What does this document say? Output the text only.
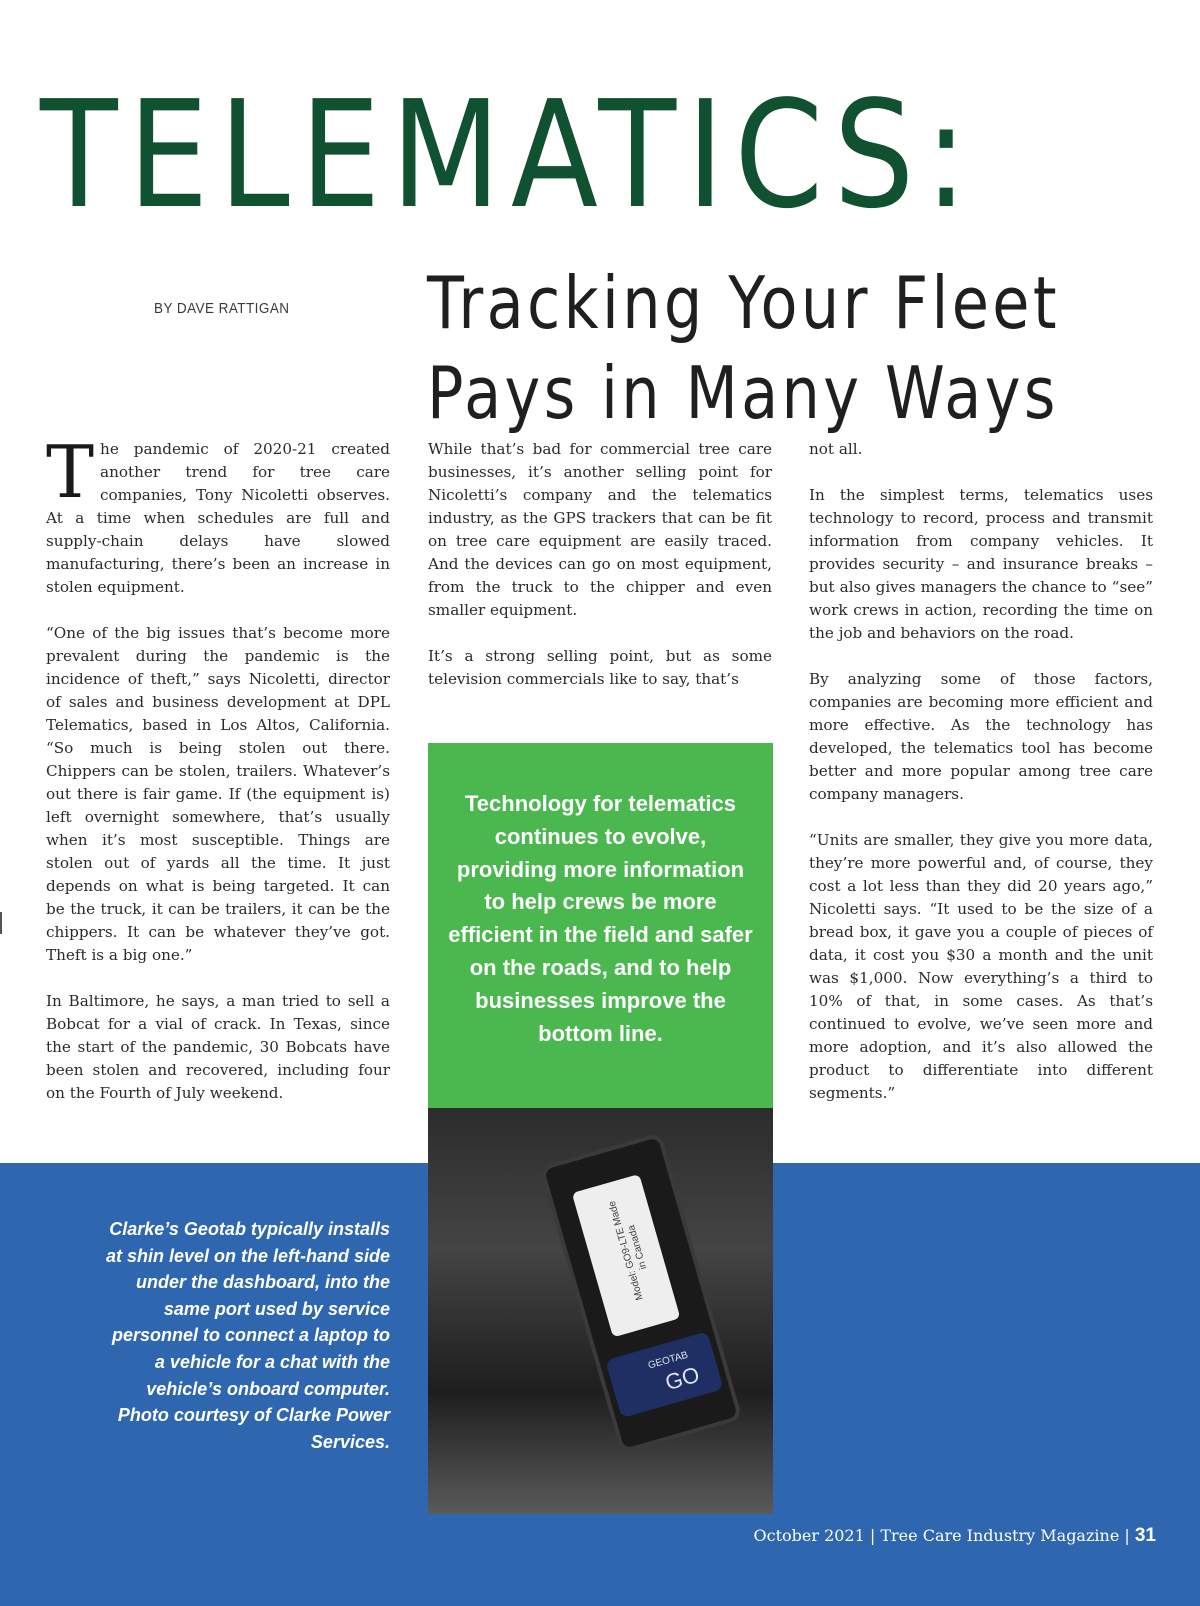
TELEMATICS:
BY DAVE RATTIGAN Tracking Your Fleet Pays in Many Ways

The pandemic of 2020-21 created another trend for tree care companies, Tony Nicoletti observes. At a time when schedules are full and supply-chain delays have slowed manufacturing, there’s been an increase in stolen equipment.

“One of the big issues that’s become more prevalent during the pandemic is the incidence of theft,” says Nicoletti, director of sales and business development at DPL Telematics, based in Los Altos, California. “So much is being stolen out there. Chippers can be stolen, trailers. Whatever’s out there is fair game. If (the equipment is) left overnight somewhere, that’s usually when it’s most susceptible. Things are stolen out of yards all the time. It just depends on what is being targeted. It can be the truck, it can be trailers, it can be the chippers. It can be whatever they’ve got. Theft is a big one.”

In Baltimore, he says, a man tried to sell a Bobcat for a vial of crack. In Texas, since the start of the pandemic, 30 Bobcats have been stolen and recovered, including four on the Fourth of July weekend.

While that’s bad for commercial tree care businesses, it’s another selling point for Nicoletti’s company and the telematics industry, as the GPS trackers that can be fit on tree care equipment are easily traced. And the devices can go on most equipment, from the truck to the chipper and even smaller equipment.

It’s a strong selling point, but as some television commercials like to say, that’s

not all.

In the simplest terms, telematics uses technology to record, process and transmit information from company vehicles. It provides security – and insurance breaks – but also gives managers the chance to “see” work crews in action, recording the time on the job and behaviors on the road.

By analyzing some of those factors, companies are becoming more efficient and more effective. As the technology has developed, the telematics tool has become better and more popular among tree care company managers.

“Units are smaller, they give you more data, they’re more powerful and, of course, they cost a lot less than they did 20 years ago,” Nicoletti says. “It used to be the size of a bread box, it gave you a couple of pieces of data, it cost you $30 a month and the unit was $1,000. Now everything’s a third to 10% of that, in some cases. As that’s continued to evolve, we’ve seen more and more adoption, and it’s also allowed the product to differentiate into different segments.”

Technology for telematics continues to evolve, providing more information to help crews be more efficient in the field and safer on the roads, and to help businesses improve the bottom line.

Model: GO9-LTE Made in Canada
GEOTAB
GO

Clarke’s Geotab typically installs at shin level on the left-hand side under the dashboard, into the same port used by service personnel to connect a laptop to a vehicle for a chat with the vehicle’s onboard computer. Photo courtesy of Clarke Power Services.

October 2021 | Tree Care Industry Magazine | 31
